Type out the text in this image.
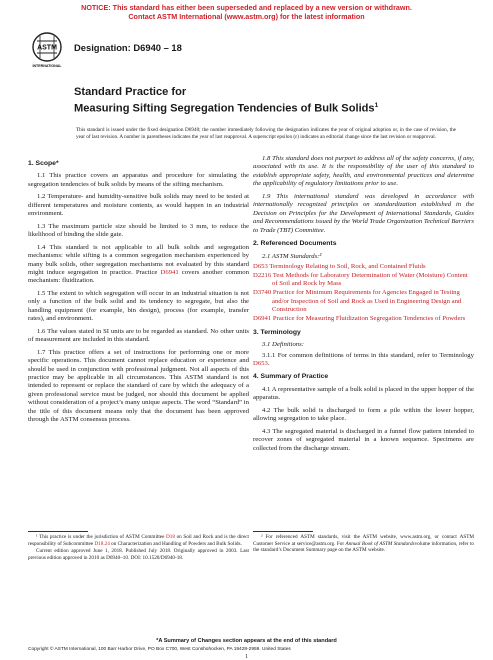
NOTICE: This standard has either been superseded and replaced by a new version or withdrawn.
Contact ASTM International (www.astm.org) for the latest information
ASTM
INTERNATIONAL
Designation: D6940 – 18
Standard Practice for
Measuring Sifting Segregation Tendencies of Bulk Solids$^1$
This standard is issued under the fixed designation D6940; the number immediately following the designation indicates the year of original adoption or, in the case of revision, the year of last revision. A number in parentheses indicates the year of last reapproval. A superscript epsilon (ε) indicates an editorial change since the last revision or reapproval.
1. Scope*

1.1 This practice covers an apparatus and procedure for simulating the segregation tendencies of bulk solids by means of the sifting mechanism.

1.2 Temperature- and humidity-sensitive bulk solids may need to be tested at different temperatures and moisture contents, as would happen in an industrial environment.

1.3 The maximum particle size should be limited to 3 mm, to reduce the likelihood of binding the slide gate.

1.4 This standard is not applicable to all bulk solids and segregation mechanisms: while sifting is a common segregation mechanism experienced by many bulk solids, other segregation mechanisms not evaluated by this standard might induce segregation in practice. Practice D6941 covers another common mechanism: fluidization.

1.5 The extent to which segregation will occur in an industrial situation is not only a function of the bulk solid and its tendency to segregate, but also the handling equipment (for example, bin design), process (for example, transfer rates), and environment.

1.6 The values stated in SI units are to be regarded as standard. No other units of measurement are included in this standard.

1.7 This practice offers a set of instructions for performing one or more specific operations. This document cannot replace education or experience and should be used in conjunction with professional judgment. Not all aspects of this practice may be applicable in all circumstances. This ASTM standard is not intended to represent or replace the standard of care by which the adequacy of a given professional service must be judged, nor should this document be applied without consideration of a project’s many unique aspects. The word “Standard” in the title of this document means only that the document has been approved through the ASTM consensus process.

¹ This practice is under the jurisdiction of ASTM Committee D18 on Soil and Rock and is the direct responsibility of Subcommittee D18.24 on Characterization and Handling of Powders and Bulk Solids.

Current edition approved June 1, 2018. Published July 2018. Originally approved in 2003. Last previous edition approved in 2010 as D6940–10. DOI: 10.1520/D6940-18.

1.8 This standard does not purport to address all of the safety concerns, if any, associated with its use. It is the responsibility of the user of this standard to establish appropriate safety, health, and environmental practices and determine the applicability of regulatory limitations prior to use.

1.9 This international standard was developed in accordance with internationally recognized principles on standardization established in the Decision on Principles for the Development of International Standards, Guides and Recommendations issued by the World Trade Organization Technical Barriers to Trade (TBT) Committee.

2. Referenced Documents
2.1 ASTM Standards:²
D653 Terminology Relating to Soil, Rock, and Contained Fluids
D2216 Test Methods for Laboratory Determination of Water (Moisture) Content of Soil and Rock by Mass
D3740 Practice for Minimum Requirements for Agencies Engaged in Testing and/or Inspection of Soil and Rock as Used in Engineering Design and Construction
D6941 Practice for Measuring Fluidization Segregation Tendencies of Powders
3. Terminology
3.1 Definitions:

3.1.1 For common definitions of terms in this standard, refer to Terminology D653.

4. Summary of Practice

4.1 A representative sample of a bulk solid is placed in the upper hopper of the apparatus.

4.2 The bulk solid is discharged to form a pile within the lower hopper, allowing segregation to take place.

4.3 The segregated material is discharged in a funnel flow pattern intended to recover zones of segregated material in a known sequence. Specimens are collected from the discharge stream.

² For referenced ASTM standards, visit the ASTM website, www.astm.org, or contact ASTM Customer Service at service@astm.org. For Annual Book of ASTM Standardsvolume information, refer to the standard’s Document Summary page on the ASTM website.

*A Summary of Changes section appears at the end of this standard
Copyright © ASTM International, 100 Barr Harbor Drive, PO Box C700, West Conshohocken, PA 19428-2959. United States
1
